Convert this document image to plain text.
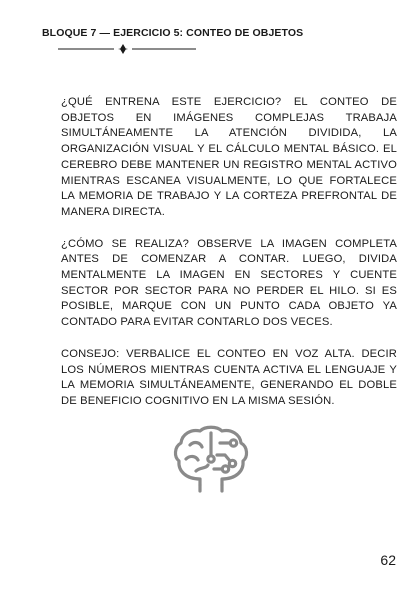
BLOQUE 7 — EJERCICIO 5: CONTEO DE OBJETOS

¿QUÉ ENTRENA ESTE EJERCICIO? EL CONTEO DE OBJETOS EN IMÁGENES COMPLEJAS TRABAJA SIMULTÁNEAMENTE LA ATENCIÓN DIVIDIDA, LA ORGANIZACIÓN VISUAL Y EL CÁLCULO MENTAL BÁSICO. EL CEREBRO DEBE MANTENER UN REGISTRO MENTAL ACTIVO MIENTRAS ESCANEA VISUALMENTE, LO QUE FORTALECE LA MEMORIA DE TRABAJO Y LA CORTEZA PREFRONTAL DE MANERA DIRECTA.

¿CÓMO SE REALIZA? OBSERVE LA IMAGEN COMPLETA ANTES DE COMENZAR A CONTAR. LUEGO, DIVIDA MENTALMENTE LA IMAGEN EN SECTORES Y CUENTE SECTOR POR SECTOR PARA NO PERDER EL HILO. SI ES POSIBLE, MARQUE CON UN PUNTO CADA OBJETO YA CONTADO PARA EVITAR CONTARLO DOS VECES.

CONSEJO: VERBALICE EL CONTEO EN VOZ ALTA. DECIR LOS NÚMEROS MIENTRAS CUENTA ACTIVA EL LENGUAJE Y LA MEMORIA SIMULTÁNEAMENTE, GENERANDO EL DOBLE DE BENEFICIO COGNITIVO EN LA MISMA SESIÓN.

62
